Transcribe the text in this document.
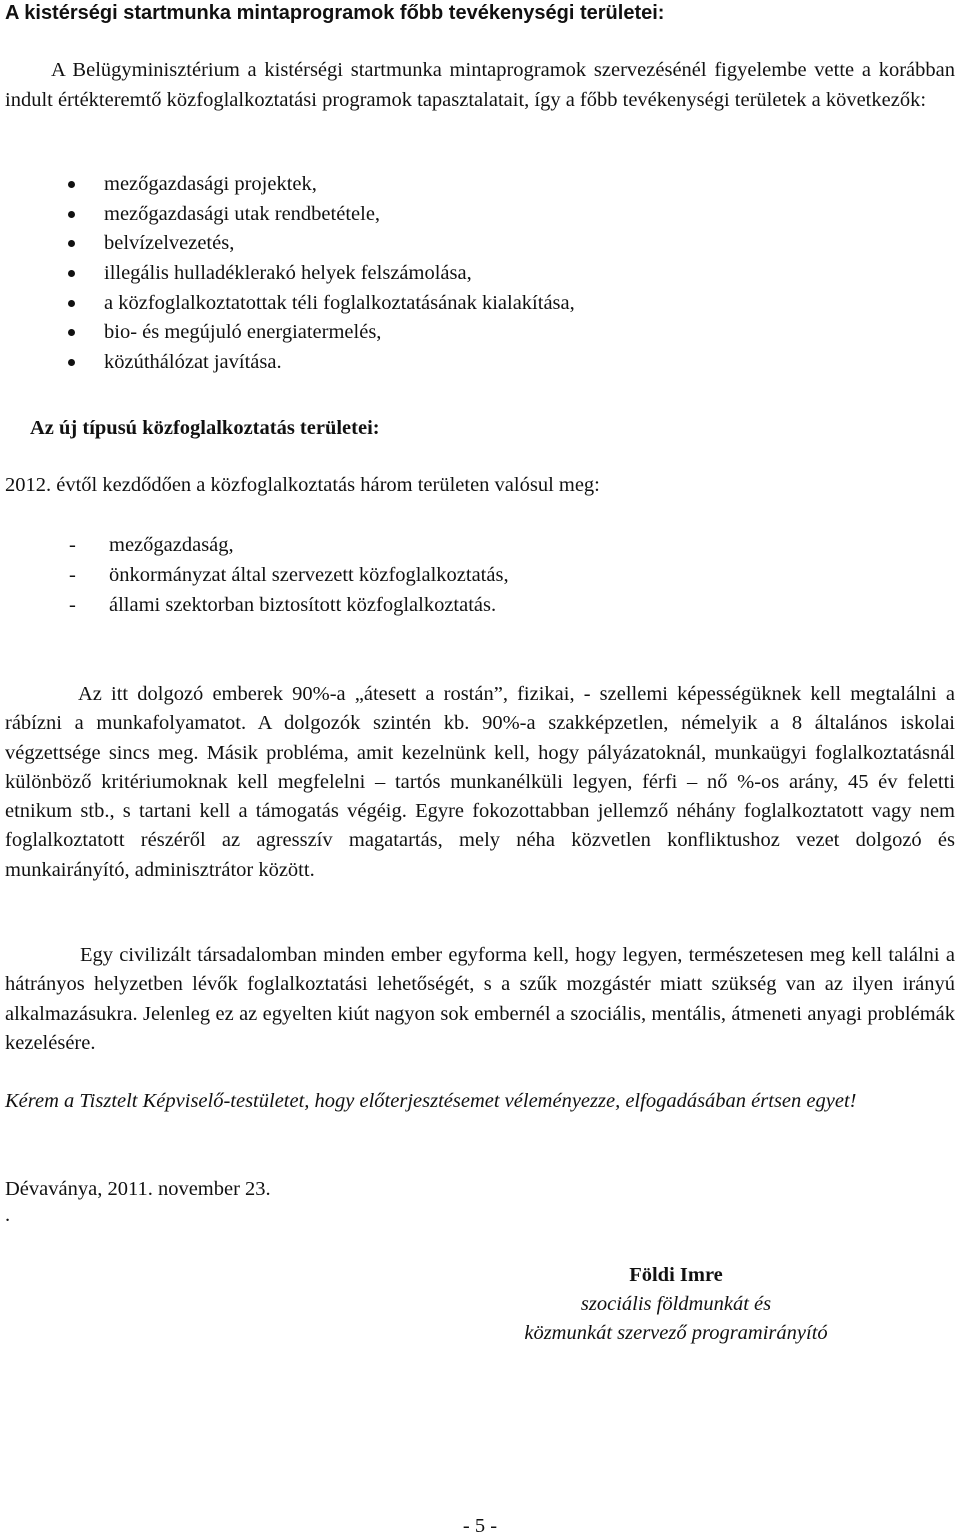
A kistérségi startmunka mintaprogramok főbb tevékenységi területei:

A Belügyminisztérium a kistérségi startmunka mintaprogramok szervezésénél figyelembe vette a korábban indult értékteremtő közfoglalkoztatási programok tapasztalatait, így a főbb tevékenységi területek a következők:

mezőgazdasági projektek,
mezőgazdasági utak rendbetétele,
belvízelvezetés,
illegális hulladéklerakó helyek felszámolása,
a közfoglalkoztatottak téli foglalkoztatásának kialakítása,
bio- és megújuló energiatermelés,
közúthálózat javítása.
Az új típusú közfoglalkoztatás területei:

2012. évtől kezdődően a közfoglalkoztatás három területen valósul meg:

- mezőgazdaság,
- önkormányzat által szervezett közfoglalkoztatás,
- állami szektorban biztosított közfoglalkoztatás.

Az itt dolgozó emberek 90%-a „átesett a rostán”, fizikai, - szellemi képességüknek kell megtalálni a rábízni a munkafolyamatot. A dolgozók szintén kb. 90%-a szakképzetlen, némelyik a 8 általános iskolai végzettsége sincs meg. Másik probléma, amit kezelnünk kell, hogy pályázatoknál, munkaügyi foglalkoztatásnál különböző kritériumoknak kell megfelelni – tartós munkanélküli legyen, férfi – nő %-os arány, 45 év feletti etnikum stb., s tartani kell a támogatás végéig. Egyre fokozottabban jellemző néhány foglalkoztatott vagy nem foglalkoztatott részéről az agresszív magatartás, mely néha közvetlen konfliktushoz vezet dolgozó és munkairányító, adminisztrátor között.

Egy civilizált társadalomban minden ember egyforma kell, hogy legyen, természetesen meg kell találni a hátrányos helyzetben lévők foglalkoztatási lehetőségét, s a szűk mozgástér miatt szükség van az ilyen irányú alkalmazásukra. Jelenleg ez az egyelten kiút nagyon sok embernél a szociális, mentális, átmeneti anyagi problémák kezelésére.

Kérem a Tisztelt Képviselő-testületet, hogy előterjesztésemet véleményezze, elfogadásában értsen egyet!

Dévaványa, 2011. november 23.

.

Földi Imre
szociális földmunkát és
közmunkát szervező programirányító

- 5 -
